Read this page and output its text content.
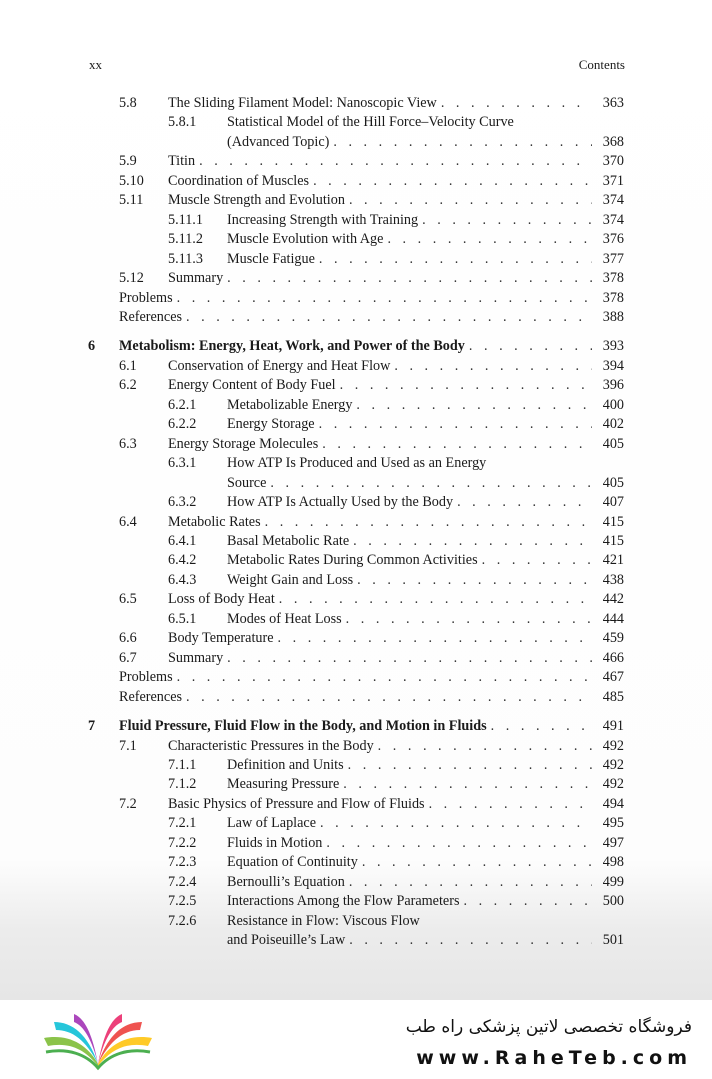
xx	Contents
5.8 The Sliding Filament Model: Nanoscopic View . . .	363
5.8.1 Statistical Model of the Hill Force–Velocity Curve
(Advanced Topic) . . .	368
5.9 Titin . . .	370
5.10 Coordination of Muscles . . .	371
5.11 Muscle Strength and Evolution . . .	374
5.11.1 Increasing Strength with Training . . .	374
5.11.2 Muscle Evolution with Age . . .	376
5.11.3 Muscle Fatigue . . .	377
5.12 Summary . . .	378
Problems . . .	378
References . . .	388
6 Metabolism: Energy, Heat, Work, and Power of the Body . . .	393
6.1 Conservation of Energy and Heat Flow . . .	394
6.2 Energy Content of Body Fuel . . .	396
6.2.1 Metabolizable Energy . . .	400
6.2.2 Energy Storage . . .	402
6.3 Energy Storage Molecules . . .	405
6.3.1 How ATP Is Produced and Used as an Energy
Source . . .	405
6.3.2 How ATP Is Actually Used by the Body . . .	407
6.4 Metabolic Rates . . .	415
6.4.1 Basal Metabolic Rate . . .	415
6.4.2 Metabolic Rates During Common Activities . . .	421
6.4.3 Weight Gain and Loss . . .	438
6.5 Loss of Body Heat . . .	442
6.5.1 Modes of Heat Loss . . .	444
6.6 Body Temperature . . .	459
6.7 Summary . . .	466
Problems . . .	467
References . . .	485
7 Fluid Pressure, Fluid Flow in the Body, and Motion in Fluids . . .	491
7.1 Characteristic Pressures in the Body . . .	492
7.1.1 Definition and Units . . .	492
7.1.2 Measuring Pressure . . .	492
7.2 Basic Physics of Pressure and Flow of Fluids . . .	494
7.2.1 Law of Laplace . . .	495
7.2.2 Fluids in Motion . . .	497
7.2.3 Equation of Continuity . . .	498
7.2.4 Bernoulli’s Equation . . .	499
7.2.5 Interactions Among the Flow Parameters . . .	500
7.2.6 Resistance in Flow: Viscous Flow
and Poiseuille’s Law . . .	501
فروشگاه تخصصی لاتین پزشکی راه طب
www.RaheTeb.com
